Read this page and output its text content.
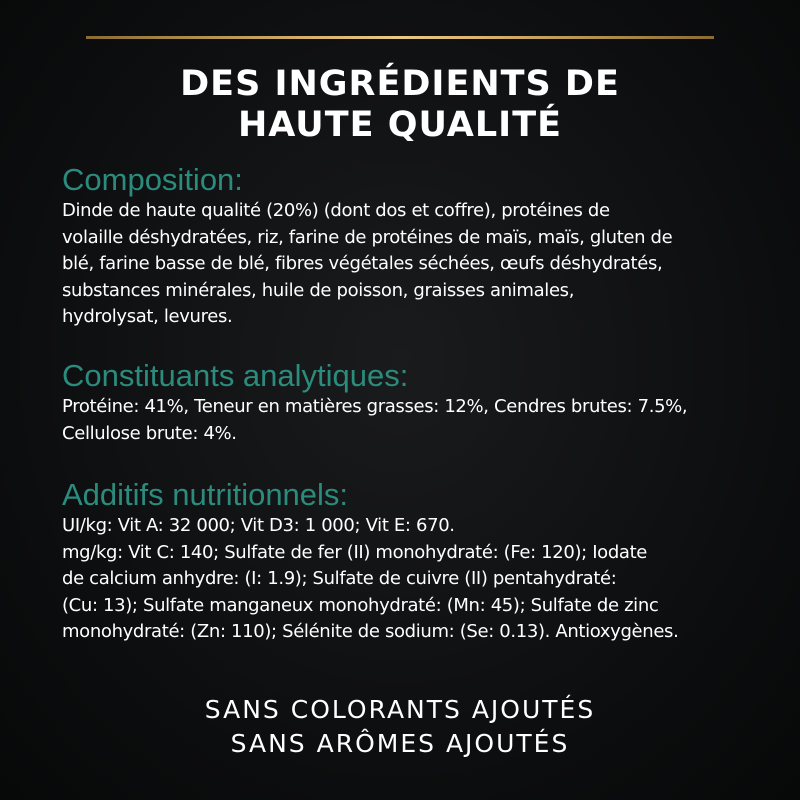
DES INGRÉDIENTS DE
HAUTE QUALITÉ
Composition:
Dinde de haute qualité (20%) (dont dos et coffre), protéines de
volaille déshydratées, riz, farine de protéines de maïs, maïs, gluten de
blé, farine basse de blé, fibres végétales séchées, œufs déshydratés,
substances minérales, huile de poisson, graisses animales,
hydrolysat, levures.
Constituants analytiques:
Protéine: 41%, Teneur en matières grasses: 12%, Cendres brutes: 7.5%,
Cellulose brute: 4%.
Additifs nutritionnels:
UI/kg: Vit A: 32 000; Vit D3: 1 000; Vit E: 670.
mg/kg: Vit C: 140; Sulfate de fer (II) monohydraté: (Fe: 120); Iodate
de calcium anhydre: (I: 1.9); Sulfate de cuivre (II) pentahydraté:
(Cu: 13); Sulfate manganeux monohydraté: (Mn: 45); Sulfate de zinc
monohydraté: (Zn: 110); Sélénite de sodium: (Se: 0.13). Antioxygènes.
SANS COLORANTS AJOUTÉS
SANS ARÔMES AJOUTÉS
